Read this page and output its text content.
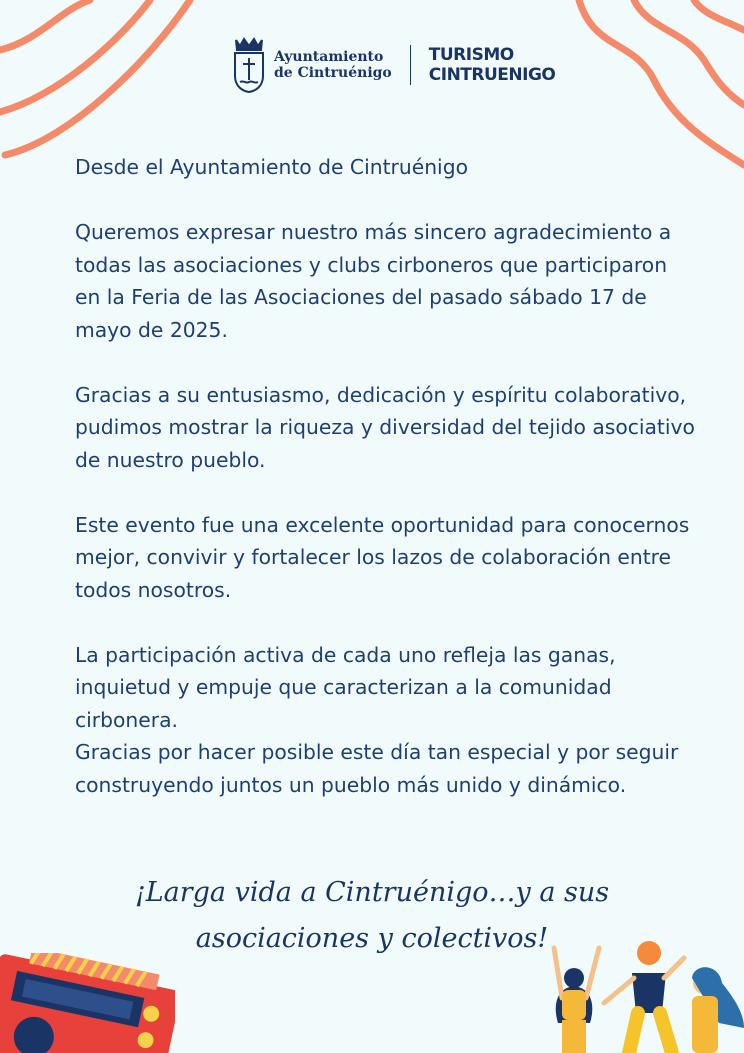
Ayuntamiento
de Cintruénigo
TURISMO
CINTRUENIGO

Desde el Ayuntamiento de Cintruénigo

Queremos expresar nuestro más sincero agradecimiento a todas las asociaciones y clubs cirboneros que participaron en la Feria de las Asociaciones del pasado sábado 17 de mayo de 2025.

Gracias a su entusiasmo, dedicación y espíritu colaborativo, pudimos mostrar la riqueza y diversidad del tejido asociativo de nuestro pueblo.

Este evento fue una excelente oportunidad para conocernos mejor, convivir y fortalecer los lazos de colaboración entre todos nosotros.

La participación activa de cada uno refleja las ganas, inquietud y empuje que caracterizan a la comunidad cirbonera.

Gracias por hacer posible este día tan especial y por seguir construyendo juntos un pueblo más unido y dinámico.

¡Larga vida a Cintruénigo…y a sus
asociaciones y colectivos!
